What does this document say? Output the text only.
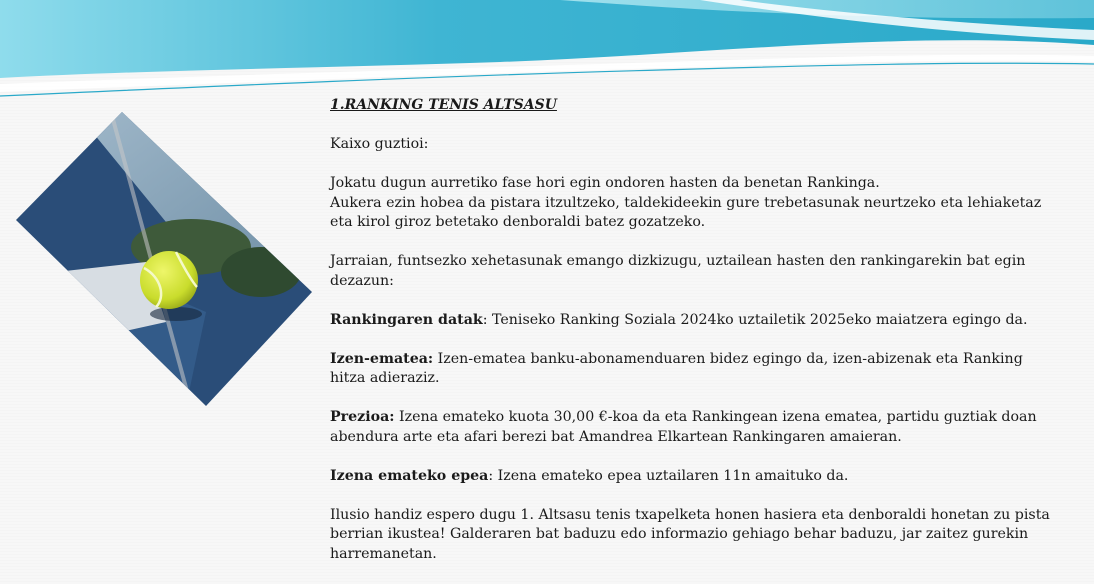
1.RANKING TENIS ALTSASU

Kaixo guztioi:

Jokatu dugun aurretiko fase hori egin ondoren hasten da benetan Rankinga.
Aukera ezin hobea da pistara itzultzeko, taldekideekin gure trebetasunak neurtzeko eta lehiaketaz eta kirol giroz betetako denboraldi batez gozatzeko.

Jarraian, funtsezko xehetasunak emango dizkizugu, uztailean hasten den rankingarekin bat egin dezazun:

Rankingaren datak: Teniseko Ranking Soziala 2024ko uztailetik 2025eko maiatzera egingo da.

Izen-ematea: Izen-ematea banku-abonamenduaren bidez egingo da, izen-abizenak eta Ranking hitza adieraziz.

Prezioa: Izena emateko kuota 30,00 €-koa da eta Rankingean izena ematea, partidu guztiak doan abendura arte eta afari berezi bat Amandrea Elkartean Rankingaren amaieran.

Izena emateko epea: Izena emateko epea uztailaren 11n amaituko da.

Ilusio handiz espero dugu 1. Altsasu tenis txapelketa honen hasiera eta denboraldi honetan zu pista berrian ikustea! Galderaren bat baduzu edo informazio gehiago behar baduzu, jar zaitez gurekin harremanetan.
